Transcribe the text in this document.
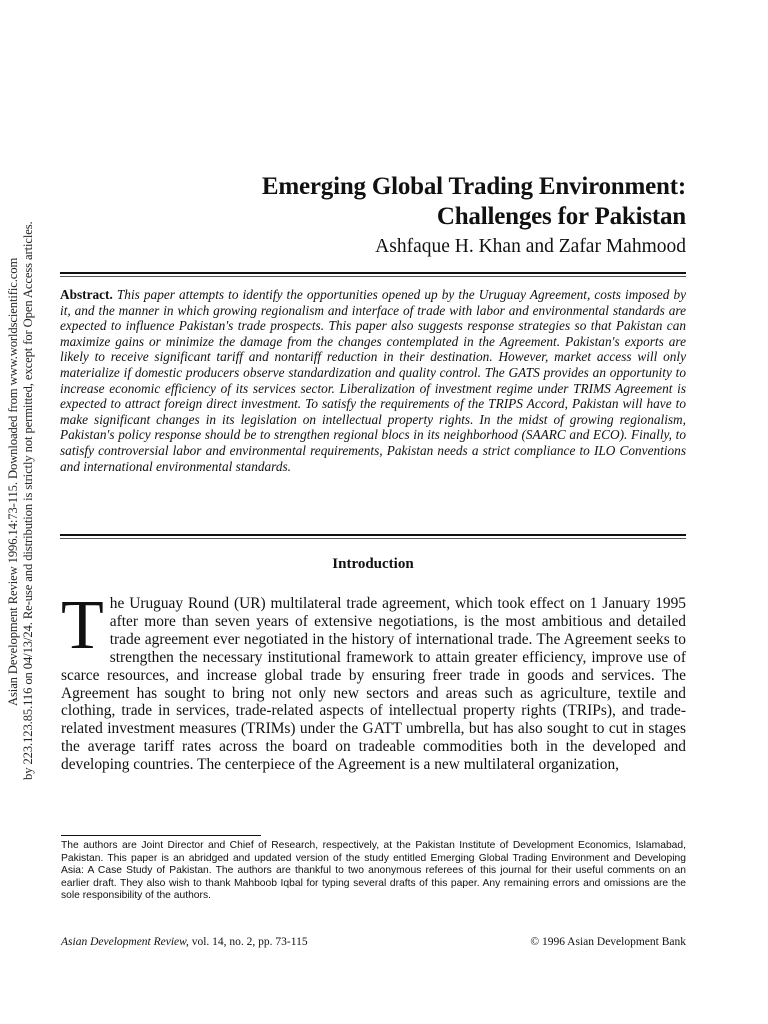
Asian Development Review 1996.14:73-115. Downloaded from www.worldscientific.com by 223.123.85.116 on 04/13/24. Re-use and distribution is strictly not permitted, except for Open Access articles.
Emerging Global Trading Environment:
Challenges for Pakistan
Ashfaque H. Khan and Zafar Mahmood
Abstract. This paper attempts to identify the opportunities opened up by the Uruguay Agreement, costs imposed by it, and the manner in which growing regionalism and interface of trade with labor and environmental standards are expected to influence Pakistan's trade prospects. This paper also suggests response strategies so that Pakistan can maximize gains or minimize the damage from the changes contemplated in the Agreement. Pakistan's exports are likely to receive significant tariff and nontariff reduction in their destination. However, market access will only materialize if domestic producers observe standardization and quality control. The GATS provides an opportunity to increase economic efficiency of its services sector. Liberalization of investment regime under TRIMS Agreement is expected to attract foreign direct investment. To satisfy the requirements of the TRIPS Accord, Pakistan will have to make significant changes in its legislation on intellectual property rights. In the midst of growing regionalism, Pakistan's policy response should be to strengthen regional blocs in its neighborhood (SAARC and ECO). Finally, to satisfy controversial labor and environmental requirements, Pakistan needs a strict compliance to ILO Conventions and international environmental standards.
Introduction
T he Uruguay Round (UR) multilateral trade agreement, which took effect on 1 January 1995 after more than seven years of extensive negotiations, is the most ambitious and detailed trade agreement ever negotiated in the history of international trade. The Agreement seeks to strengthen the necessary institutional framework to attain greater efficiency, improve use of scarce resources, and increase global trade by ensuring freer trade in goods and services. The Agreement has sought to bring not only new sectors and areas such as agriculture, textile and clothing, trade in services, trade-related aspects of intellectual property rights (TRIPs), and trade-related investment measures (TRIMs) under the GATT umbrella, but has also sought to cut in stages the average tariff rates across the board on tradeable commodities both in the developed and developing countries. The centerpiece of the Agreement is a new multilateral organization,
The authors are Joint Director and Chief of Research, respectively, at the Pakistan Institute of Development Economics, Islamabad, Pakistan. This paper is an abridged and updated version of the study entitled Emerging Global Trading Environment and Developing Asia: A Case Study of Pakistan. The authors are thankful to two anonymous referees of this journal for their useful comments on an earlier draft. They also wish to thank Mahboob Iqbal for typing several drafts of this paper. Any remaining errors and omissions are the sole responsibility of the authors.
Asian Development Review, vol. 14, no. 2, pp. 73-115	© 1996 Asian Development Bank
